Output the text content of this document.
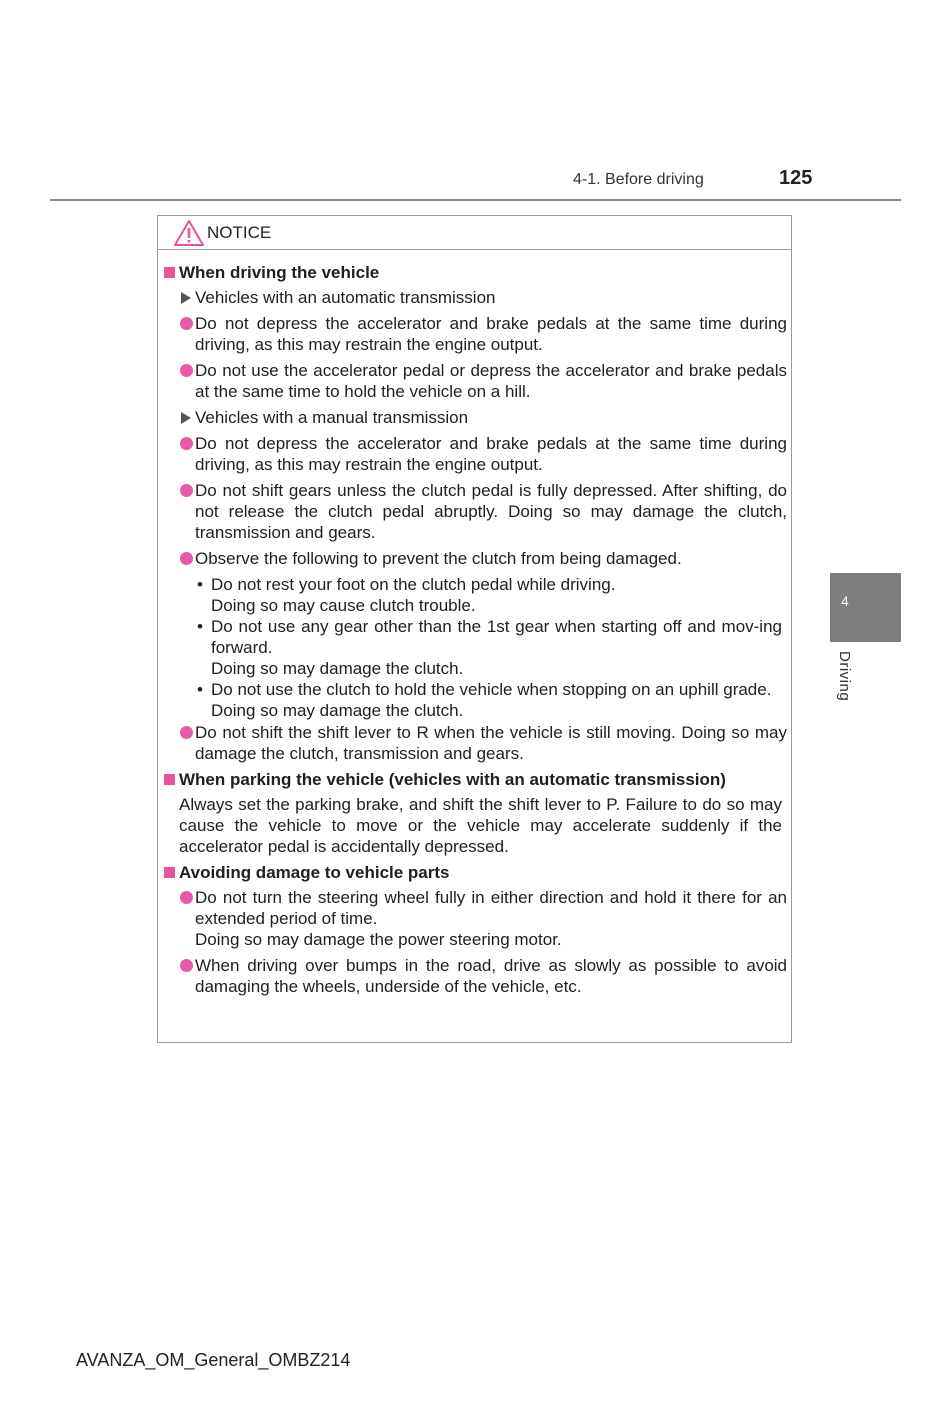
4-1. Before driving	125
4
Driving
NOTICE
When driving the vehicle
Vehicles with an automatic transmission
Do not depress the accelerator and brake pedals at the same time during driving, as this may restrain the engine output.
Do not use the accelerator pedal or depress the accelerator and brake pedals at the same time to hold the vehicle on a hill.
Vehicles with a manual transmission
Do not depress the accelerator and brake pedals at the same time during driving, as this may restrain the engine output.
Do not shift gears unless the clutch pedal is fully depressed. After shifting, do not release the clutch pedal abruptly. Doing so may damage the clutch, transmission and gears.
Observe the following to prevent the clutch from being damaged.
• Do not rest your foot on the clutch pedal while driving.
Doing so may cause clutch trouble.
• Do not use any gear other than the 1st gear when starting off and mov-ing forward.
Doing so may damage the clutch.
• Do not use the clutch to hold the vehicle when stopping on an uphill grade.
Doing so may damage the clutch.
Do not shift the shift lever to R when the vehicle is still moving. Doing so may damage the clutch, transmission and gears.
When parking the vehicle (vehicles with an automatic transmission)
Always set the parking brake, and shift the shift lever to P. Failure to do so may cause the vehicle to move or the vehicle may accelerate suddenly if the accelerator pedal is accidentally depressed.
Avoiding damage to vehicle parts
Do not turn the steering wheel fully in either direction and hold it there for an extended period of time.
Doing so may damage the power steering motor.
When driving over bumps in the road, drive as slowly as possible to avoid damaging the wheels, underside of the vehicle, etc.
AVANZA_OM_General_OMBZ214
